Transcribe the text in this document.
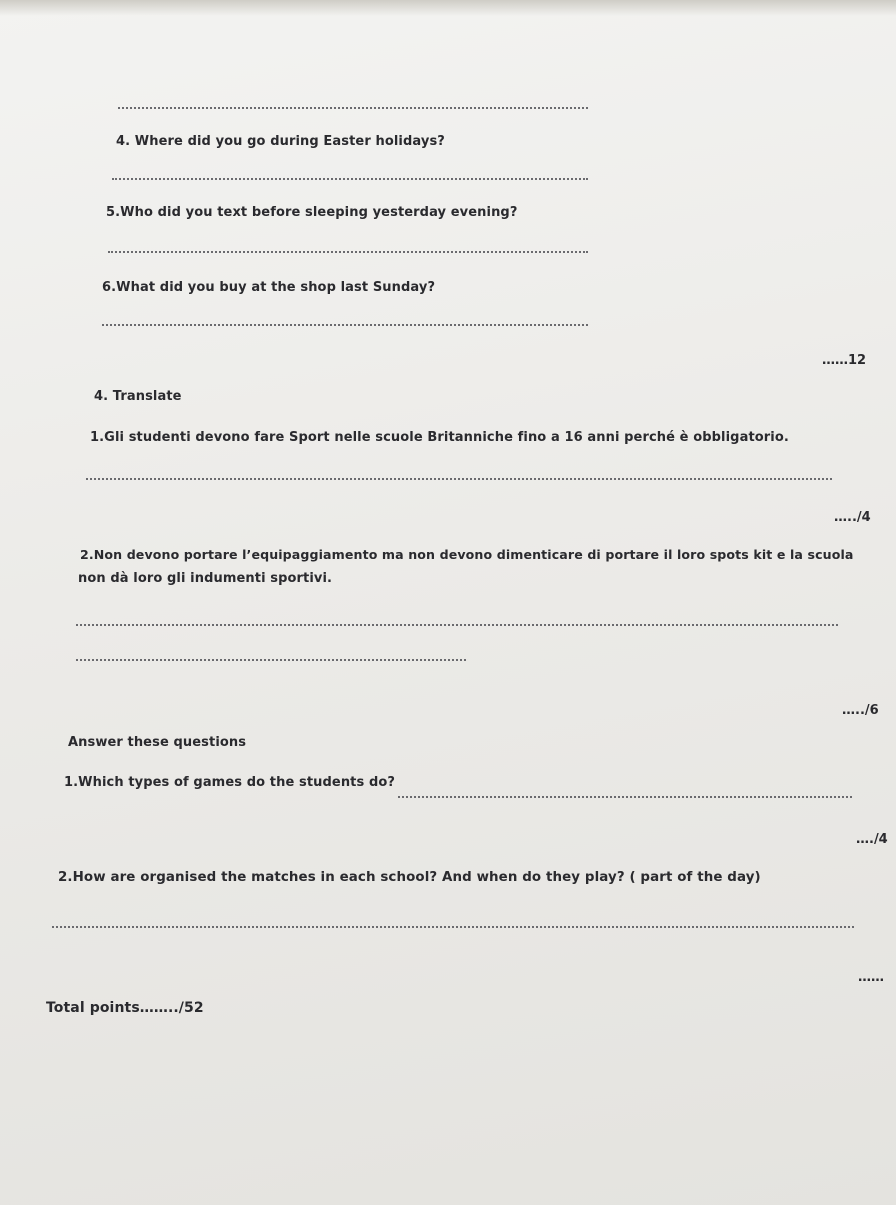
4. Where did you go during Easter holidays?
5.Who did you text before sleeping yesterday evening?
6.What did you buy at the shop last Sunday?
……12
4. Translate
1.Gli studenti devono fare Sport nelle scuole Britanniche fino a 16 anni perché è obbligatorio.
…../4
2.Non devono portare l’equipaggiamento ma non devono dimenticare di portare il loro spots kit e la scuola
non dà loro gli indumenti sportivi.
…../6
Answer these questions
1.Which types of games do the students do?
…./4
2.How are organised the matches in each school? And when do they play? ( part of the day)
……
Total points……../52
